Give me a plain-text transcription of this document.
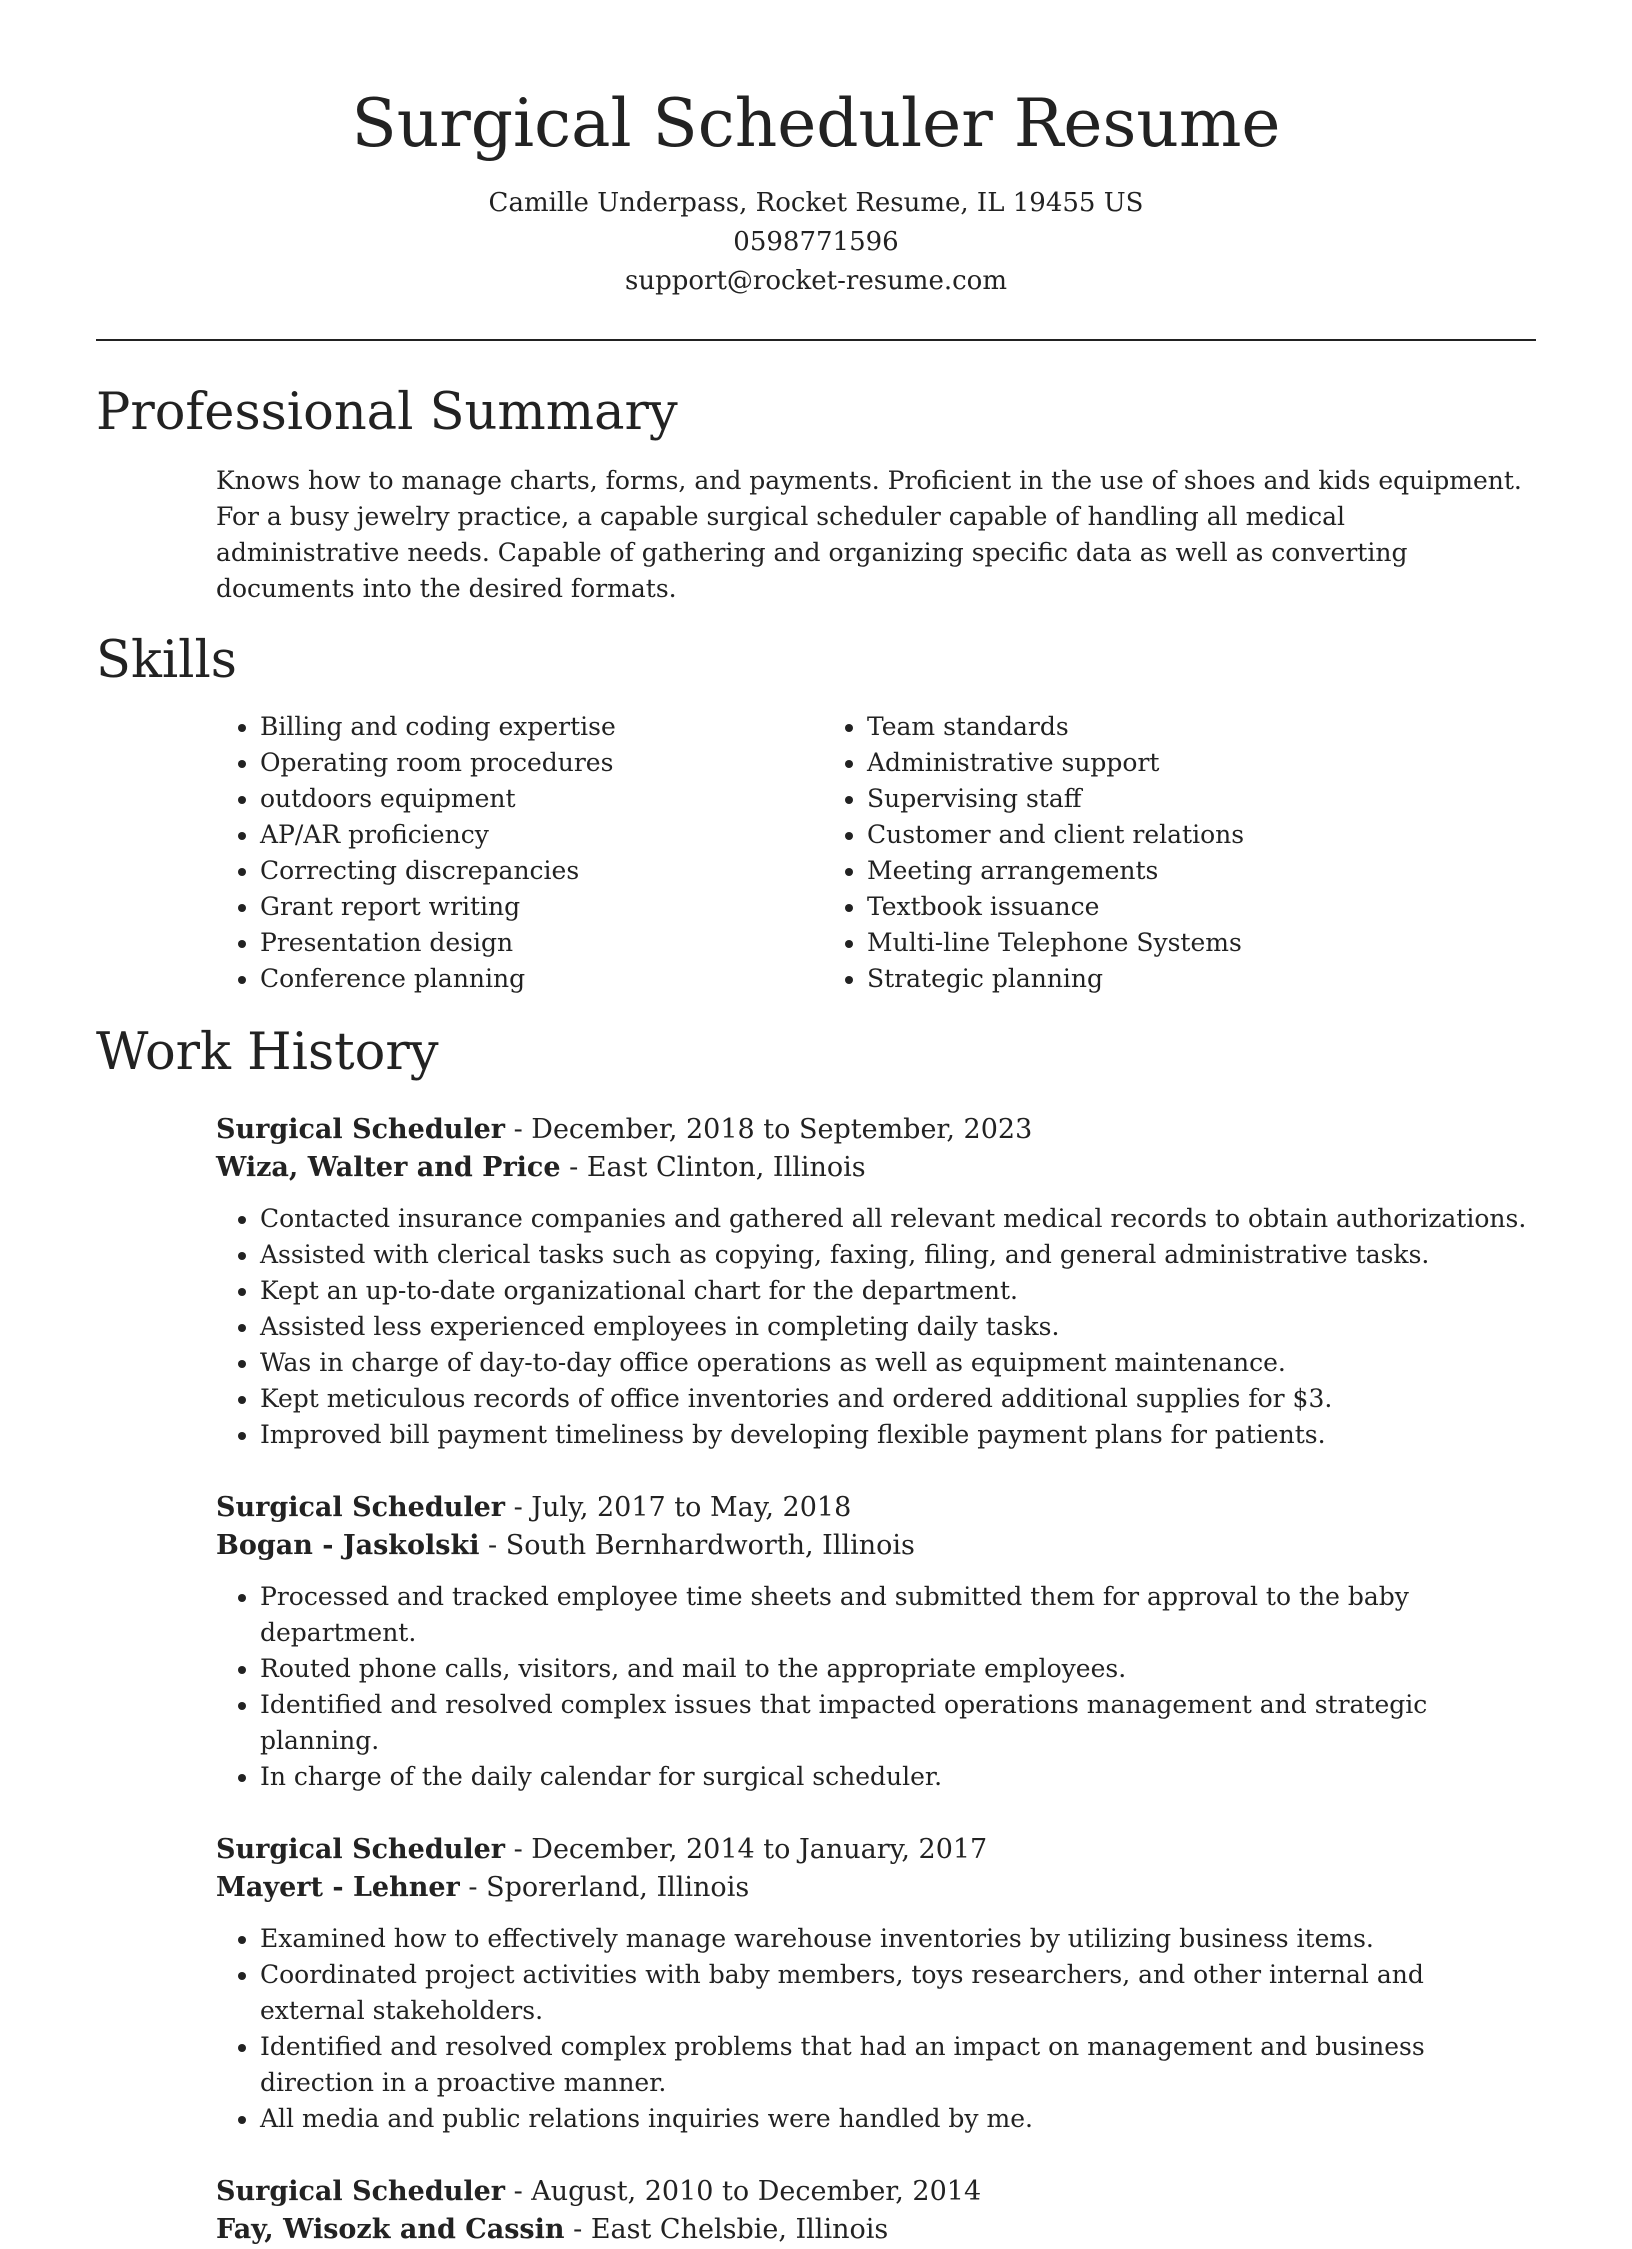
Surgical Scheduler Resume
Camille Underpass, Rocket Resume, IL 19455 US
0598771596
support@rocket-resume.com
Professional Summary

Knows how to manage charts, forms, and payments. Proficient in the use of shoes and kids equipment. For a busy jewelry practice, a capable surgical scheduler capable of handling all medical administrative needs. Capable of gathering and organizing specific data as well as converting documents into the desired formats.

Skills
• Billing and coding expertise
• Operating room procedures
• outdoors equipment
• AP/AR proficiency
• Correcting discrepancies
• Grant report writing
• Presentation design
• Conference planning
• Team standards
• Administrative support
• Supervising staff
• Customer and client relations
• Meeting arrangements
• Textbook issuance
• Multi-line Telephone Systems
• Strategic planning
Work History

Surgical Scheduler - December, 2018 to September, 2023

Wiza, Walter and Price - East Clinton, Illinois

• Contacted insurance companies and gathered all relevant medical records to obtain authorizations.
• Assisted with clerical tasks such as copying, faxing, filing, and general administrative tasks.
• Kept an up-to-date organizational chart for the department.
• Assisted less experienced employees in completing daily tasks.
• Was in charge of day-to-day office operations as well as equipment maintenance.
• Kept meticulous records of office inventories and ordered additional supplies for $3.
• Improved bill payment timeliness by developing flexible payment plans for patients.

Surgical Scheduler - July, 2017 to May, 2018

Bogan - Jaskolski - South Bernhardworth, Illinois

• Processed and tracked employee time sheets and submitted them for approval to the baby department.
• Routed phone calls, visitors, and mail to the appropriate employees.
• Identified and resolved complex issues that impacted operations management and strategic planning.
• In charge of the daily calendar for surgical scheduler.

Surgical Scheduler - December, 2014 to January, 2017

Mayert - Lehner - Sporerland, Illinois

• Examined how to effectively manage warehouse inventories by utilizing business items.
• Coordinated project activities with baby members, toys researchers, and other internal and external stakeholders.
• Identified and resolved complex problems that had an impact on management and business direction in a proactive manner.
• All media and public relations inquiries were handled by me.

Surgical Scheduler - August, 2010 to December, 2014

Fay, Wisozk and Cassin - East Chelsbie, Illinois
